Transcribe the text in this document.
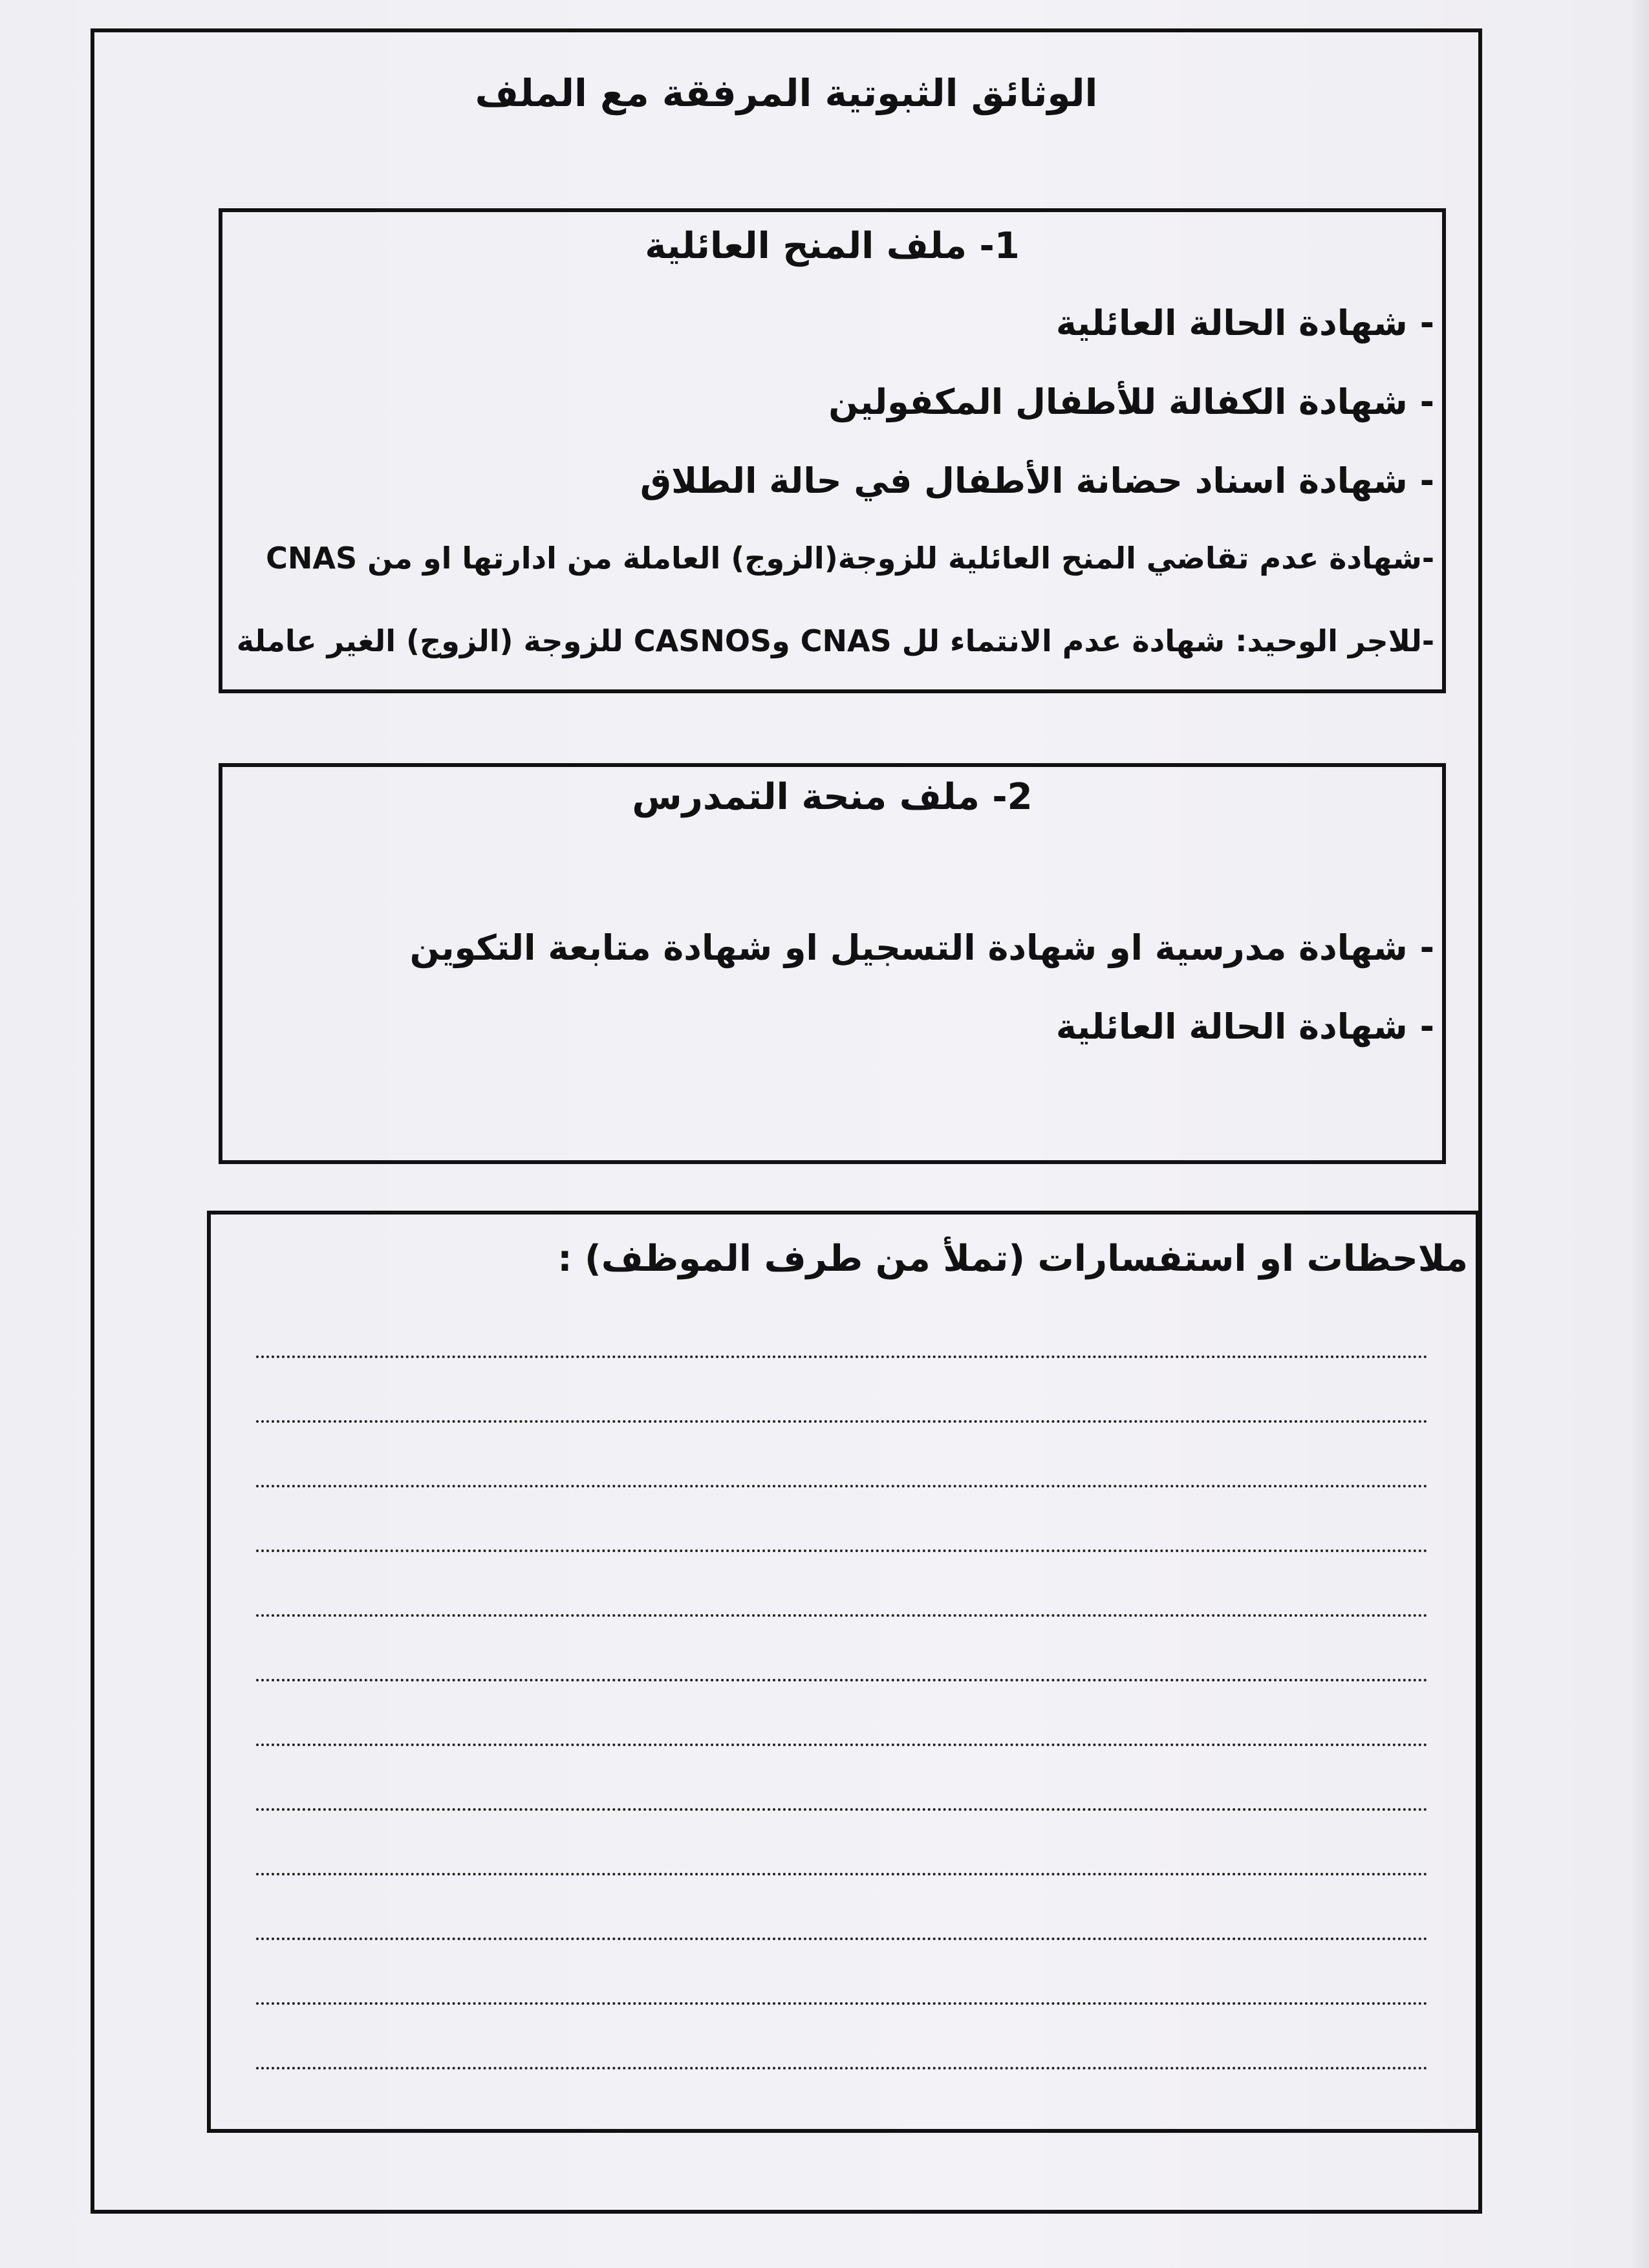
الوثائق الثبوتية المرفقة مع الملف
1- ملف المنح العائلية
- شهادة الحالة العائلية
- شهادة الكفالة للأطفال المكفولين
- شهادة اسناد حضانة الأطفال في حالة الطلاق
-شهادة عدم تقاضي المنح العائلية للزوجة(الزوج) العاملة من ادارتها او من CNAS
-للاجر الوحيد: شهادة عدم الانتماء لل CNAS وCASNOS للزوجة (الزوج) الغير عاملة
2- ملف منحة التمدرس
- شهادة مدرسية او شهادة التسجيل او شهادة متابعة التكوين
- شهادة الحالة العائلية
ملاحظات او استفسارات (تملأ من طرف الموظف) :
